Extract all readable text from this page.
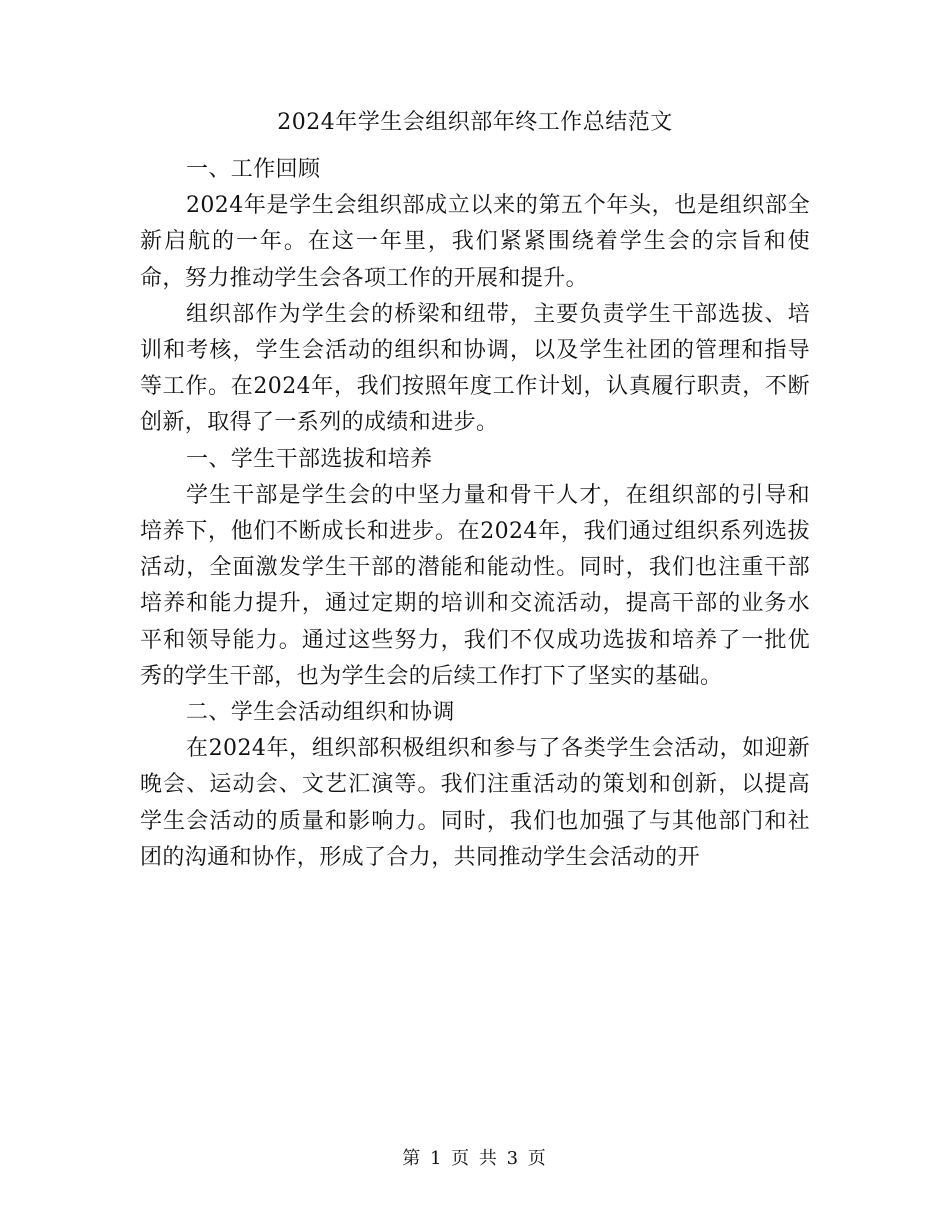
2024年学生会组织部年终工作总结范文

一、工作回顾

2024年是学生会组织部成立以来的第五个年头，也是组织部全新启航的一年。在这一年里，我们紧紧围绕着学生会的宗旨和使命，努力推动学生会各项工作的开展和提升。

组织部作为学生会的桥梁和纽带，主要负责学生干部选拔、培训和考核，学生会活动的组织和协调，以及学生社团的管理和指导等工作。在2024年，我们按照年度工作计划，认真履行职责，不断创新，取得了一系列的成绩和进步。

一、学生干部选拔和培养

学生干部是学生会的中坚力量和骨干人才，在组织部的引导和培养下，他们不断成长和进步。在2024年，我们通过组织系列选拔活动，全面激发学生干部的潜能和能动性。同时，我们也注重干部培养和能力提升，通过定期的培训和交流活动，提高干部的业务水平和领导能力。通过这些努力，我们不仅成功选拔和培养了一批优秀的学生干部，也为学生会的后续工作打下了坚实的基础。

二、学生会活动组织和协调

在2024年，组织部积极组织和参与了各类学生会活动，如迎新晚会、运动会、文艺汇演等。我们注重活动的策划和创新，以提高学生会活动的质量和影响力。同时，我们也加强了与其他部门和社团的沟通和协作，形成了合力，共同推动学生会活动的开

第 1 页 共 3 页
